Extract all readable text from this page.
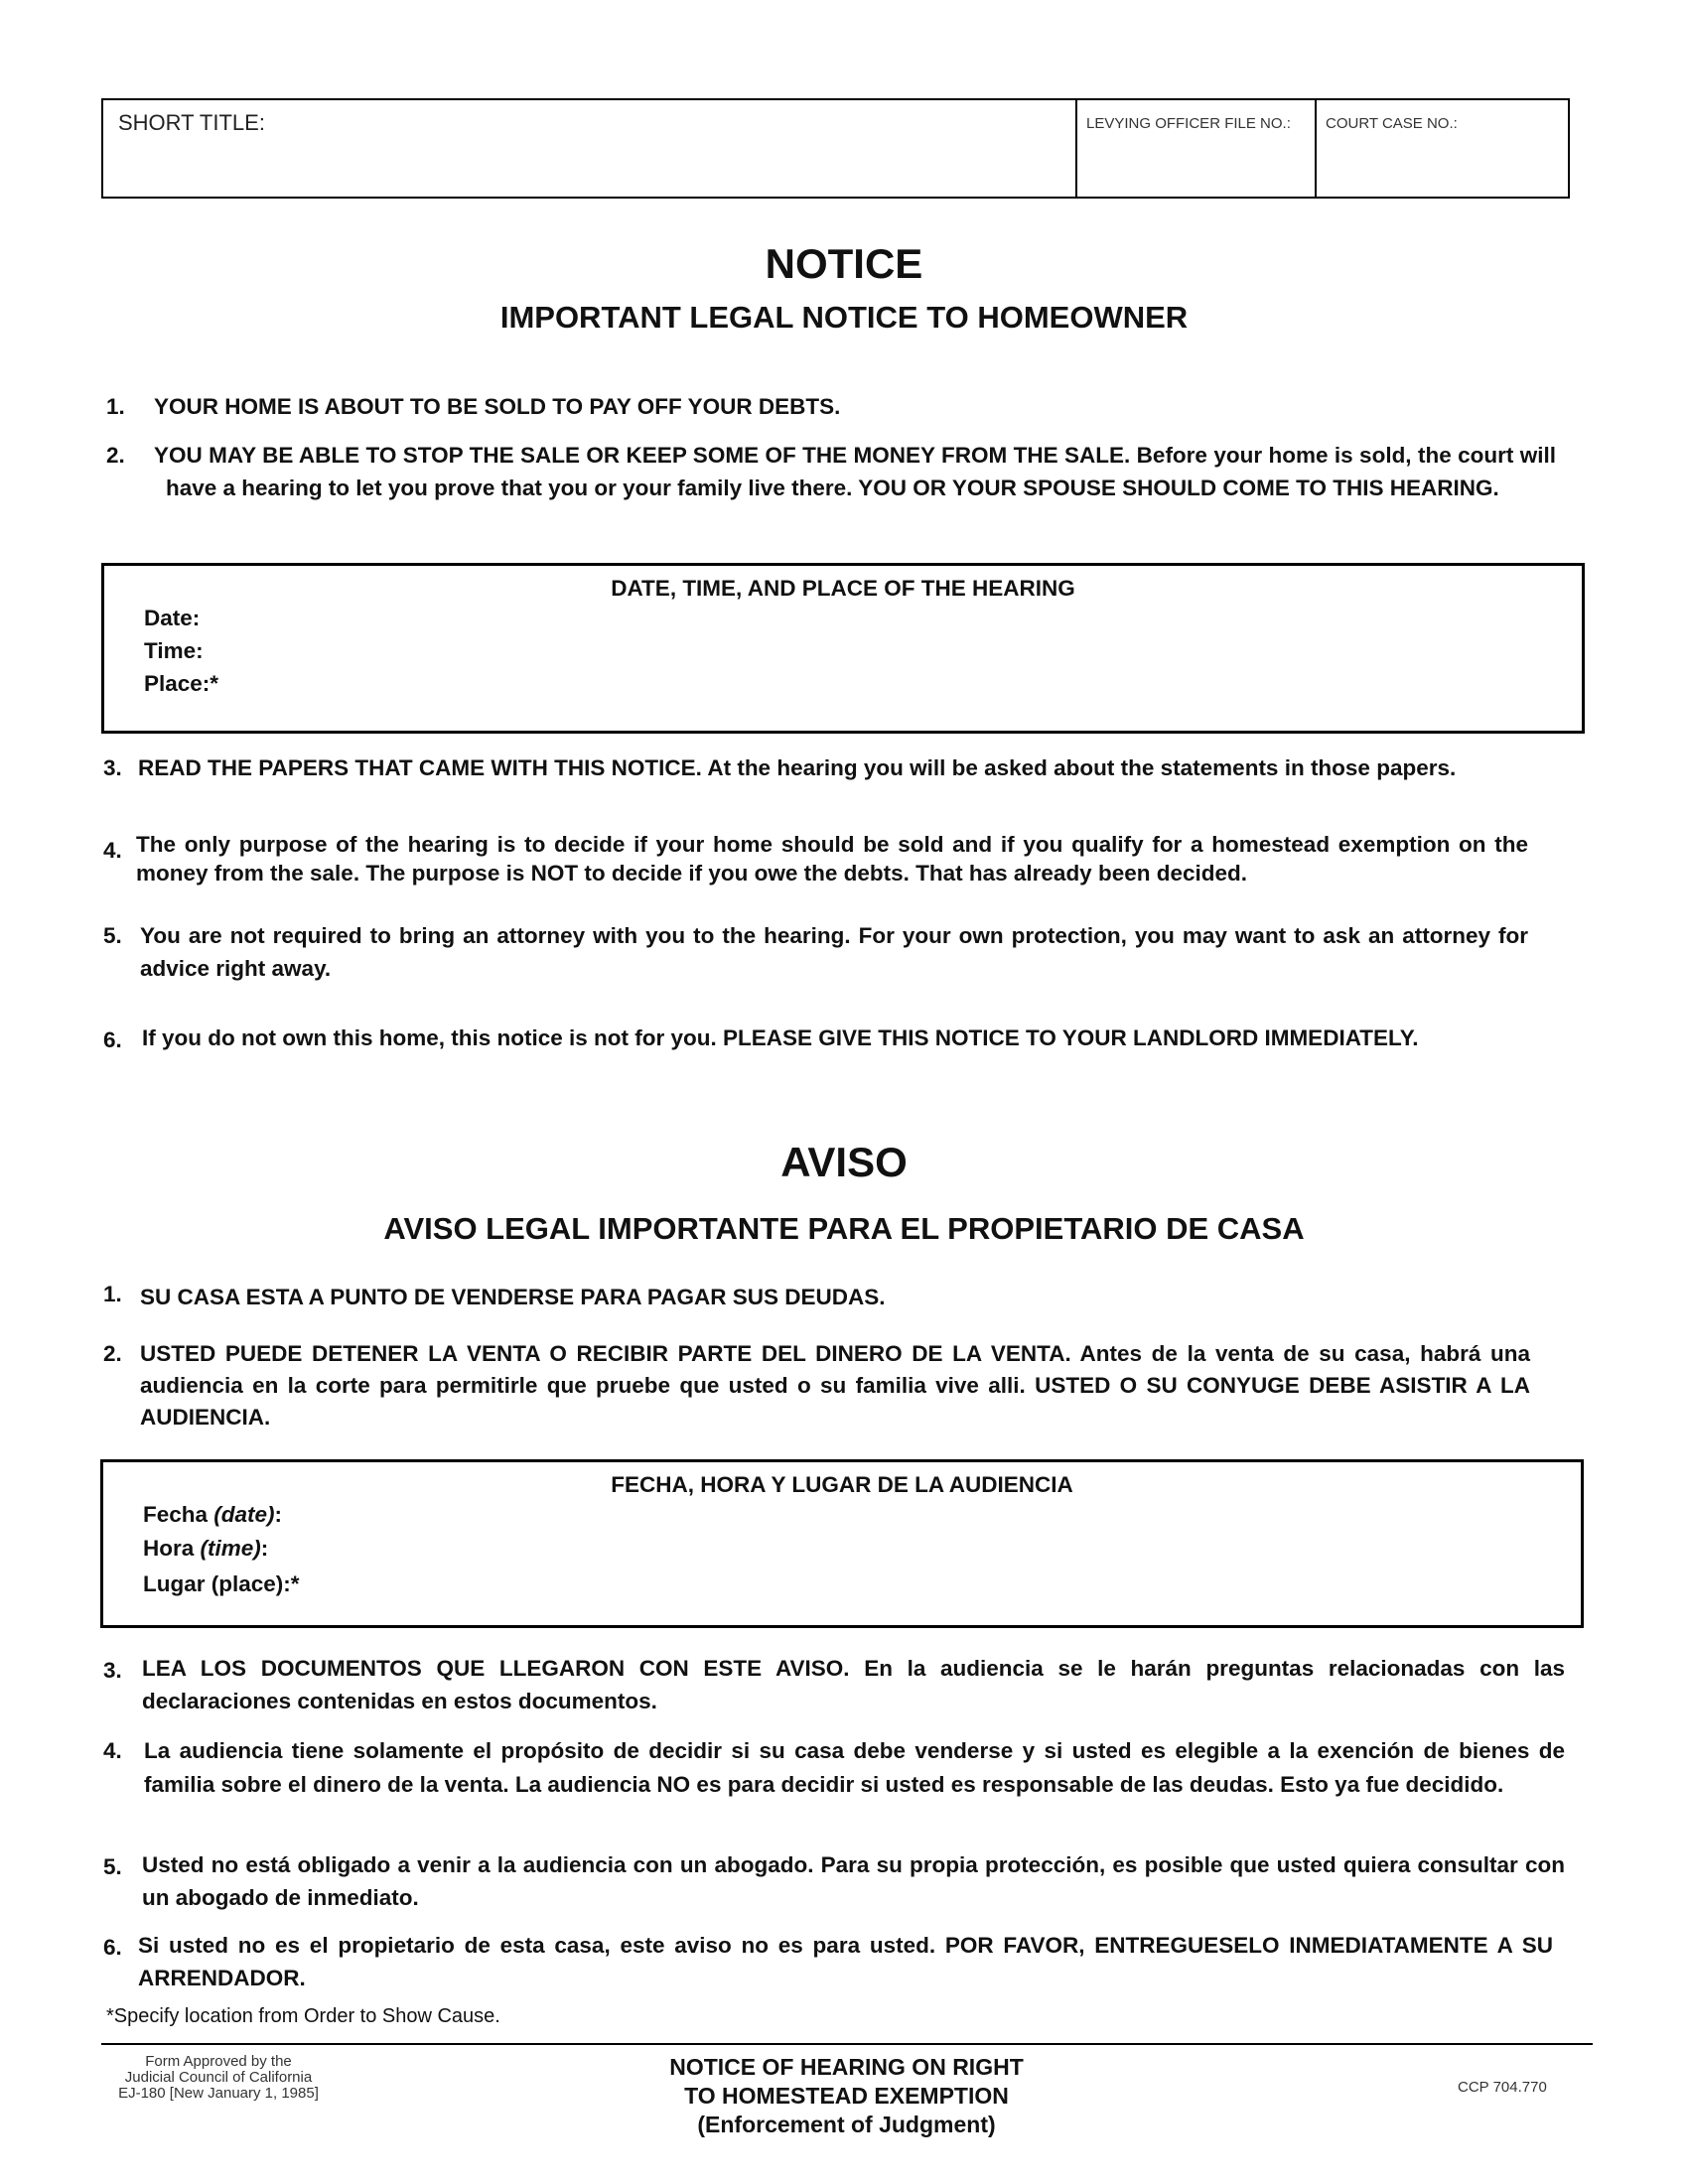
SHORT TITLE:	LEVYING OFFICER FILE NO.: COURT CASE NO.:
NOTICE
IMPORTANT LEGAL NOTICE TO HOMEOWNER
1. YOUR HOME IS ABOUT TO BE SOLD TO PAY OFF YOUR DEBTS.
2. YOU MAY BE ABLE TO STOP THE SALE OR KEEP SOME OF THE MONEY FROM THE SALE. Before your home is sold, the court will have a hearing to let you prove that you or your family live there. YOU OR YOUR SPOUSE SHOULD COME TO THIS HEARING.
DATE, TIME, AND PLACE OF THE HEARING
Date:
Time:
Place:*
3. READ THE PAPERS THAT CAME WITH THIS NOTICE. At the hearing you will be asked about the statements in those papers.
4. The only purpose of the hearing is to decide if your home should be sold and if you qualify for a homestead exemption on the money from the sale. The purpose is NOT to decide if you owe the debts. That has already been decided.
5. You are not required to bring an attorney with you to the hearing. For your own protection, you may want to ask an attorney for advice right away.
6. If you do not own this home, this notice is not for you. PLEASE GIVE THIS NOTICE TO YOUR LANDLORD IMMEDIATELY.
AVISO
AVISO LEGAL IMPORTANTE PARA EL PROPIETARIO DE CASA
1. SU CASA ESTA A PUNTO DE VENDERSE PARA PAGAR SUS DEUDAS.
2. USTED PUEDE DETENER LA VENTA O RECIBIR PARTE DEL DINERO DE LA VENTA. Antes de la venta de su casa, habrá una audiencia en la corte para permitirle que pruebe que usted o su familia vive alli. USTED O SU CONYUGE DEBE ASISTIR A LA AUDIENCIA.
FECHA, HORA Y LUGAR DE LA AUDIENCIA
Fecha (date):
Hora (time):
Lugar (place):*
3. LEA LOS DOCUMENTOS QUE LLEGARON CON ESTE AVISO. En la audiencia se le harán preguntas relacionadas con las declaraciones contenidas en estos documentos.
4. La audiencia tiene solamente el propósito de decidir si su casa debe venderse y si usted es elegible a la exención de bienes de familia sobre el dinero de la venta. La audiencia NO es para decidir si usted es responsable de las deudas. Esto ya fue decidido.
5. Usted no está obligado a venir a la audiencia con un abogado. Para su propia protección, es posible que usted quiera consultar con un abogado de inmediato.
6. Si usted no es el propietario de esta casa, este aviso no es para usted. POR FAVOR, ENTREGUESELO INMEDIATAMENTE A SU ARRENDADOR.
*Specify location from Order to Show Cause.
Form Approved by the
Judicial Council of California
EJ-180 [New January 1, 1985]
NOTICE OF HEARING ON RIGHT
TO HOMESTEAD EXEMPTION
(Enforcement of Judgment)
CCP 704.770
